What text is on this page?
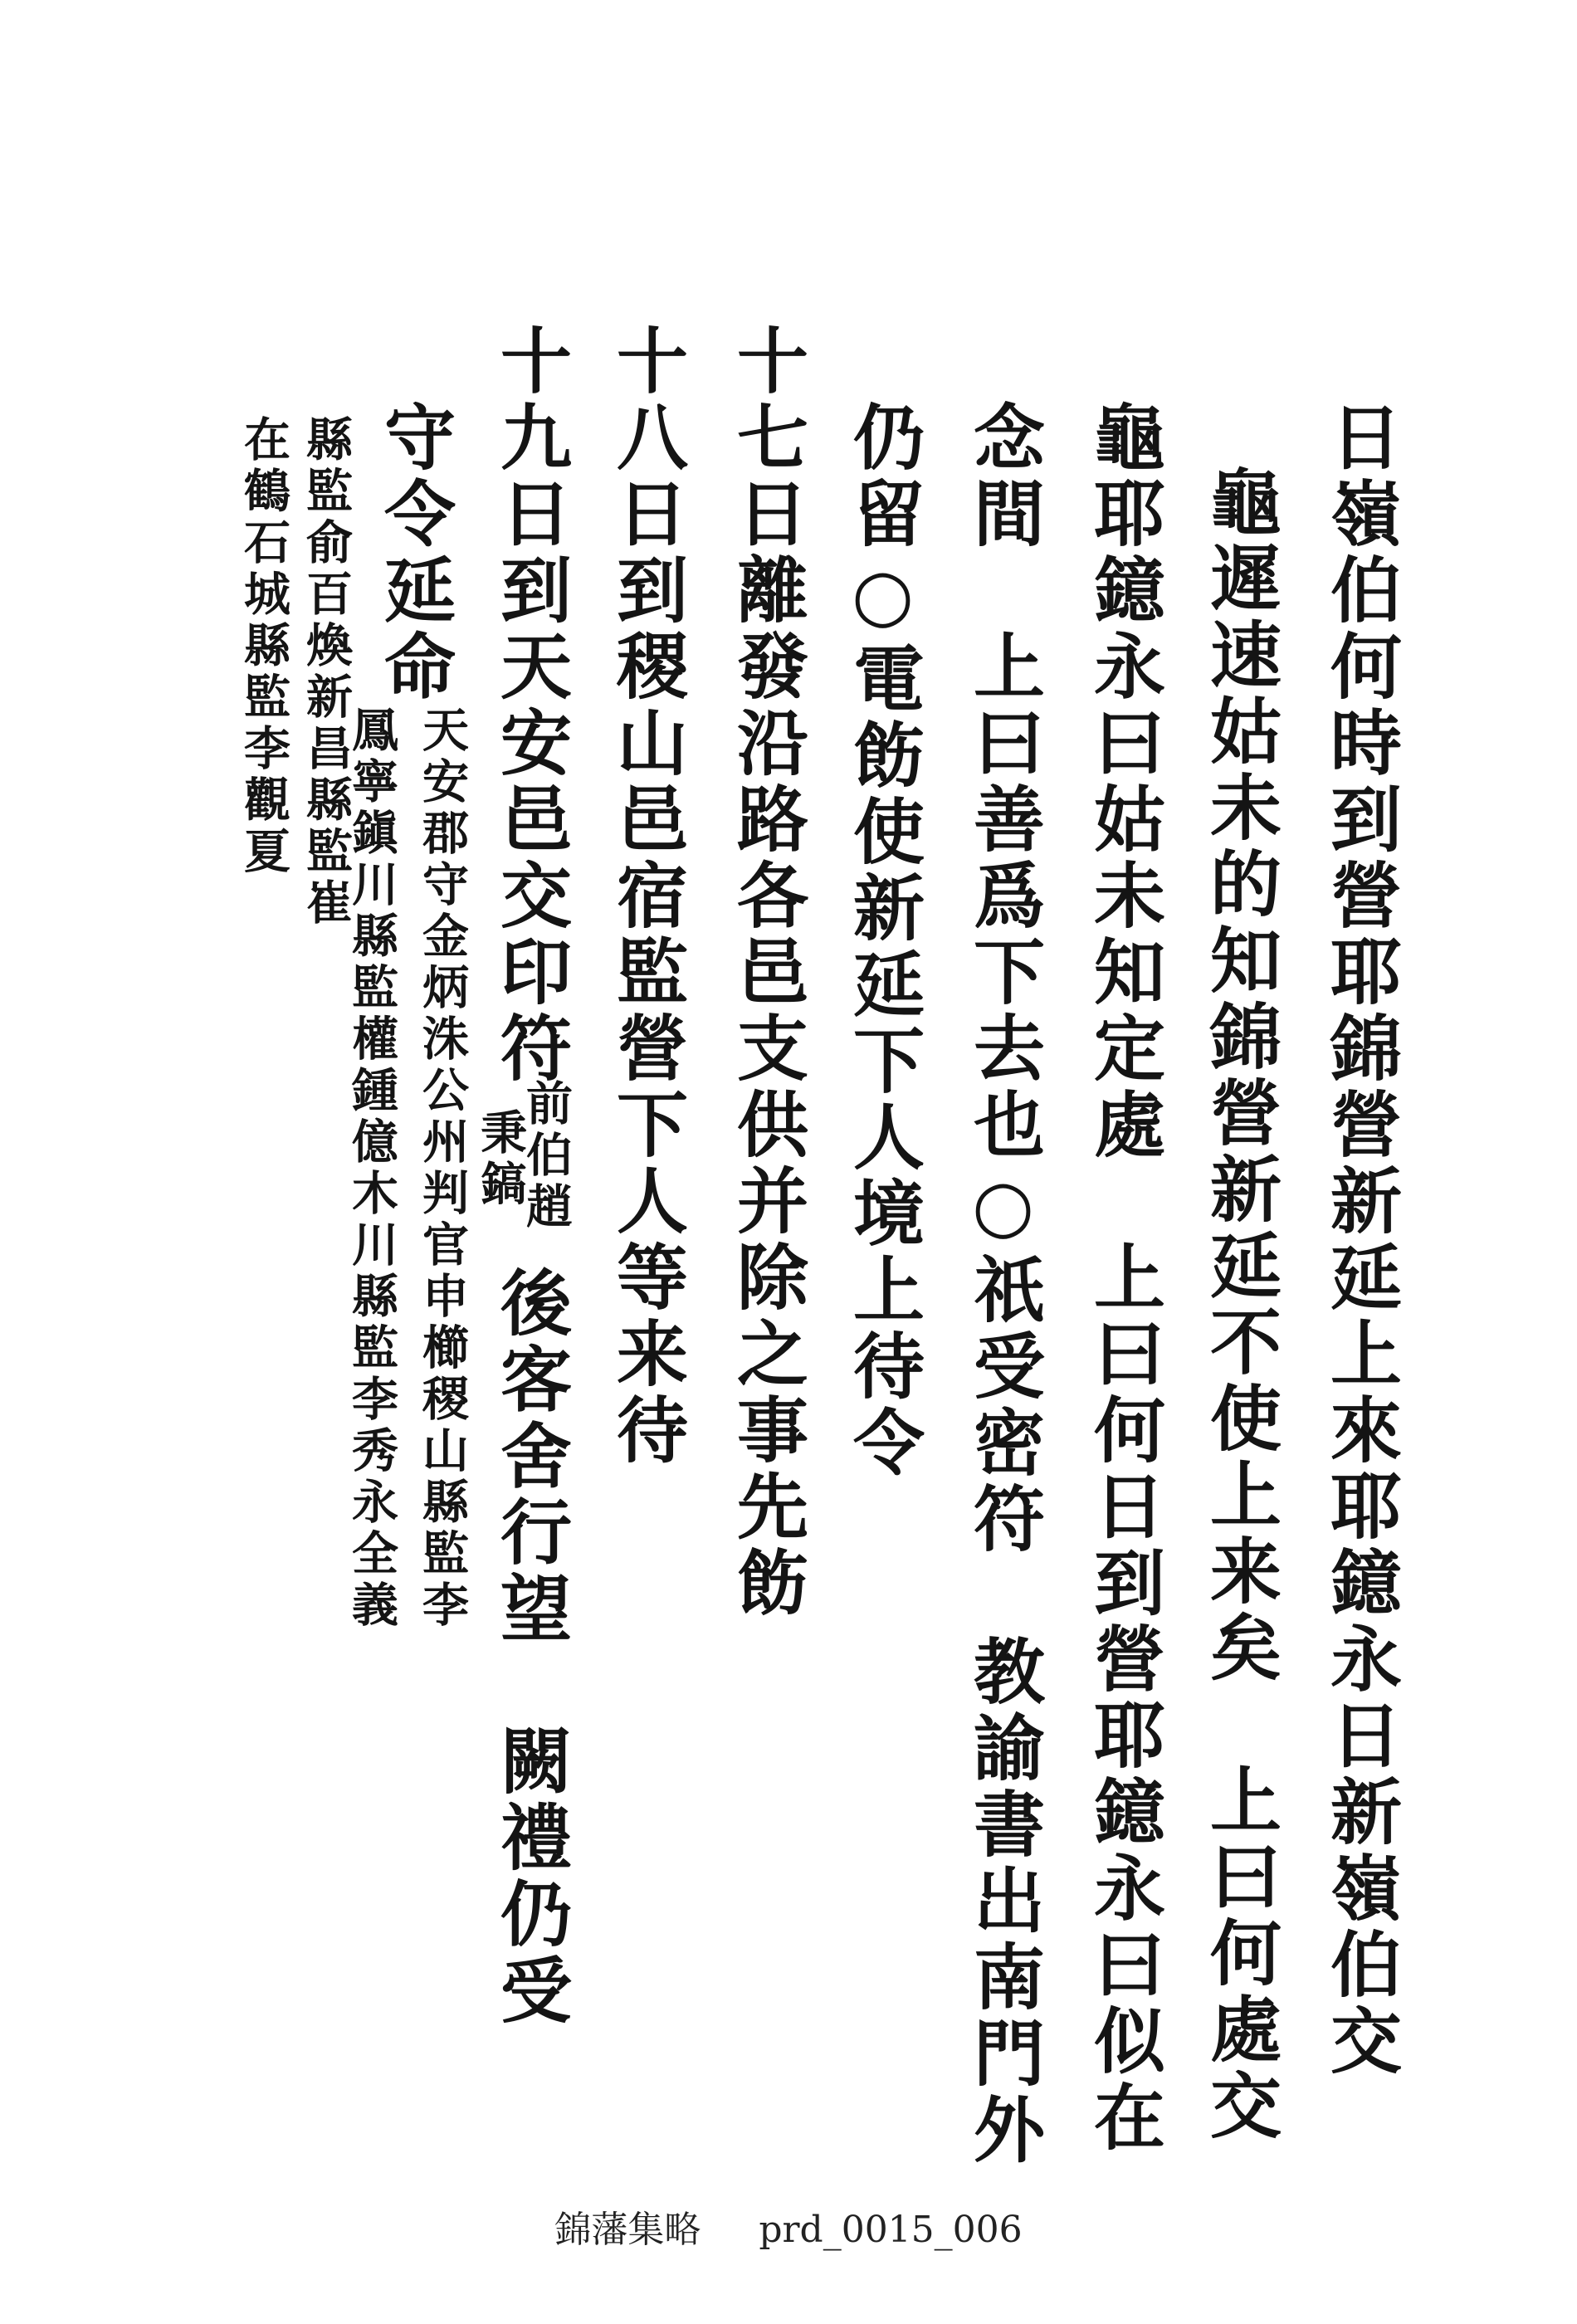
日嶺伯何時到營耶錦營新延上來耶鐿永日新嶺伯交
龜遲速姑未的知錦營新延不使上来矣　上曰何處交
龜耶鐿永曰姑未知定處　上曰何日到營耶鐿永曰似在
念間　上曰善爲下去也○祇受密符　教諭書出南門外
仍留○電飭使新延下人境上待令
十七日離發沿路各邑支供并除之事先飭
十八日到稷山邑宿監營下人等来待
十九日到天安邑交印符
前伯趙
秉鎬
後客舍行望　闕禮仍受
守令延命
天安郡守金炳洙公州判官申櫛稷山縣監李
鳳寧鎭川縣監權鍾億木川縣監李秀永全義
縣監俞百煥新昌縣監崔
在鶴石城縣監李觀夏
錦藩集略 prd_0015_006
